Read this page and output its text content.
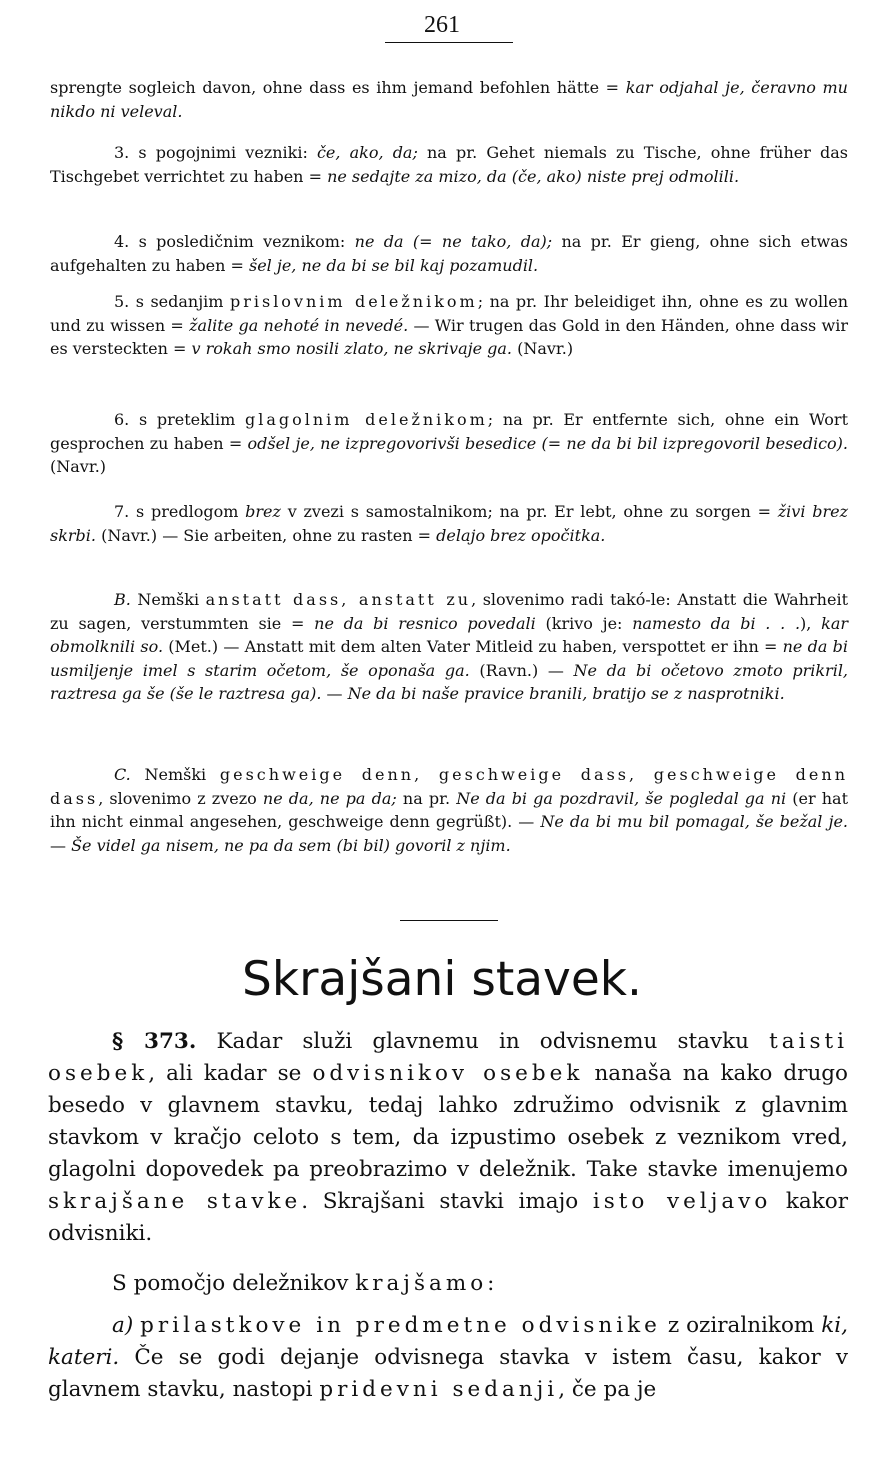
261

sprengte sogleich davon, ohne dass es ihm jemand befohlen hätte = kar odjahal je, čeravno mu nikdo ni veleval.

3. s pogojnimi vezniki: če, ako, da; na pr. Gehet niemals zu Tische, ohne früher das Tischgebet verrichtet zu haben = ne sedajte za mizo, da (če, ako) niste prej odmolili.

4. s posledičnim veznikom: ne da (= ne tako, da); na pr. Er gieng, ohne sich etwas aufgehalten zu haben = šel je, ne da bi se bil kaj pozamudil.

5. s sedanjim prislovnim deležnikom; na pr. Ihr beleidiget ihn, ohne es zu wollen und zu wissen = žalite ga nehoté in nevedé. — Wir trugen das Gold in den Händen, ohne dass wir es versteckten = v rokah smo nosili zlato, ne skrivaje ga. (Navr.)

6. s preteklim glagolnim deležnikom; na pr. Er entfernte sich, ohne ein Wort gesprochen zu haben = odšel je, ne izpregovorivši besedice (= ne da bi bil izpregovoril besedico). (Navr.)

7. s predlogom brez v zvezi s samostalnikom; na pr. Er lebt, ohne zu sorgen = živi brez skrbi. (Navr.) — Sie arbeiten, ohne zu rasten = delajo brez opočitka.

B. Nemški anstatt dass, anstatt zu, slovenimo radi takó-le: Anstatt die Wahrheit zu sagen, verstummten sie = ne da bi resnico povedali (krivo je: namesto da bi . . .), kar obmolknili so. (Met.) — Anstatt mit dem alten Vater Mitleid zu haben, verspottet er ihn = ne da bi usmiljenje imel s starim očetom, še oponaša ga. (Ravn.) — Ne da bi očetovo zmoto prikril, raztresa ga še (še le raztresa ga). — Ne da bi naše pravice branili, bratijo se z nasprotniki.

C. Nemški geschweige denn, geschweige dass, geschweige denn dass, slovenimo z zvezo ne da, ne pa da; na pr. Ne da bi ga pozdravil, še pogledal ga ni (er hat ihn nicht einmal angesehen, geschweige denn gegrüßt). — Ne da bi mu bil pomagal, še bežal je. — Še videl ga nisem, ne pa da sem (bi bil) govoril z njim.

Skrajšani stavek.

§ 373. Kadar služi glavnemu in odvisnemu stavku taisti osebek, ali kadar se odvisnikov osebek nanaša na kako drugo besedo v glavnem stavku, tedaj lahko združimo odvisnik z glavnim stavkom v kračjo celoto s tem, da izpustimo osebek z veznikom vred, glagolni dopovedek pa preobrazimo v deležnik. Take stavke imenujemo skrajšane stavke. Skrajšani stavki imajo isto veljavo kakor odvisniki.

S pomočjo deležnikov krajšamo:

a) prilastkove in predmetne odvisnike z oziralnikom ki, kateri. Če se godi dejanje odvisnega stavka v istem času, kakor v glavnem stavku, nastopi pridevni sedanji, če pa je
